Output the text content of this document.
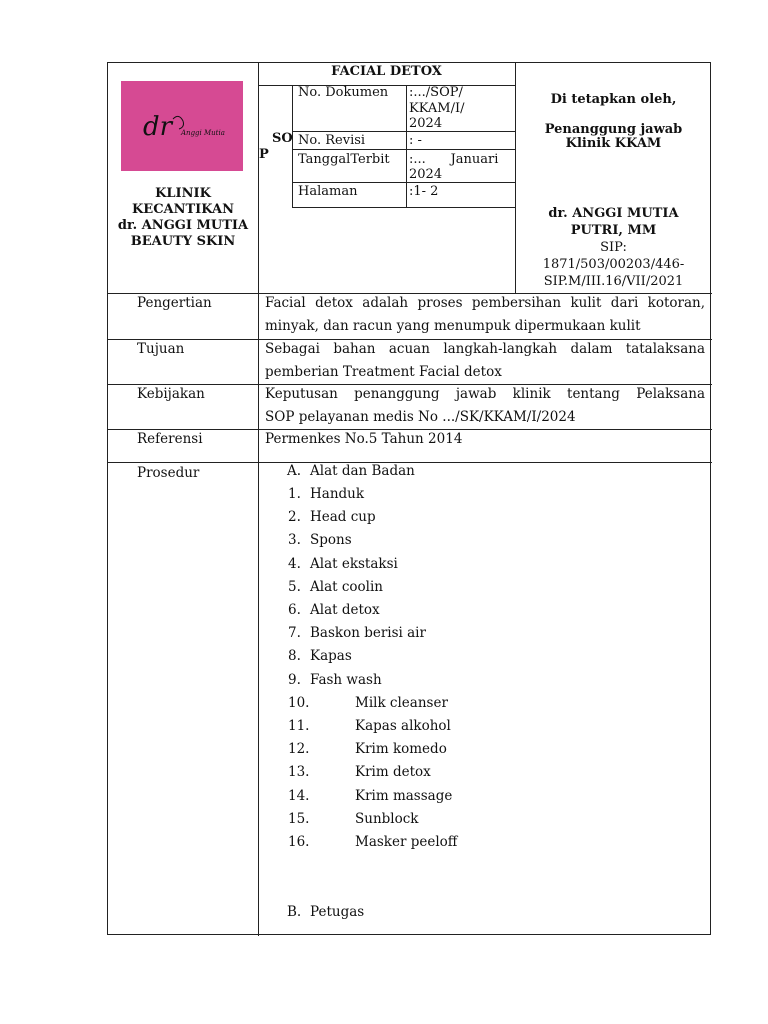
dr Anggi Mutia
KLINIK
KECANTIKAN
dr. ANGGI MUTIA
BEAUTY SKIN
FACIAL DETOX
SO
P
No. Dokumen :.../SOP/
KKAM/I/
2024
No. Revisi	: -
TanggalTerbit :...      Januari
2024
Halaman	:1- 2
Di tetapkan oleh,
Penanggung jawab
Klinik KKAM
dr. ANGGI MUTIA
PUTRI, MM
SIP:
1871/503/00203/446-
SIP.M/III.16/VII/2021
Pengertian	Facial detox adalah proses pembersihan kulit dari kotoran,
minyak, dan racun yang menumpuk dipermukaan kulit
Tujuan	Sebagai bahan acuan langkah-langkah dalam tatalaksana
pemberian Treatment Facial detox
Kebijakan	Keputusan penanggung jawab klinik tentang Pelaksana
SOP pelayanan medis No .../SK/KKAM/I/2024
Referensi	Permenkes No.5 Tahun 2014
Prosedur	A. Alat dan Badan
1. Handuk
2. Head cup
3. Spons
4. Alat ekstaksi
5. Alat coolin
6. Alat detox
7. Baskon berisi air
8. Kapas
9. Fash wash
10.	Milk cleanser
11.	Kapas alkohol
12.	Krim komedo
13.	Krim detox
14.	Krim massage
15.	Sunblock
16.	Masker peeloff
B. Petugas
